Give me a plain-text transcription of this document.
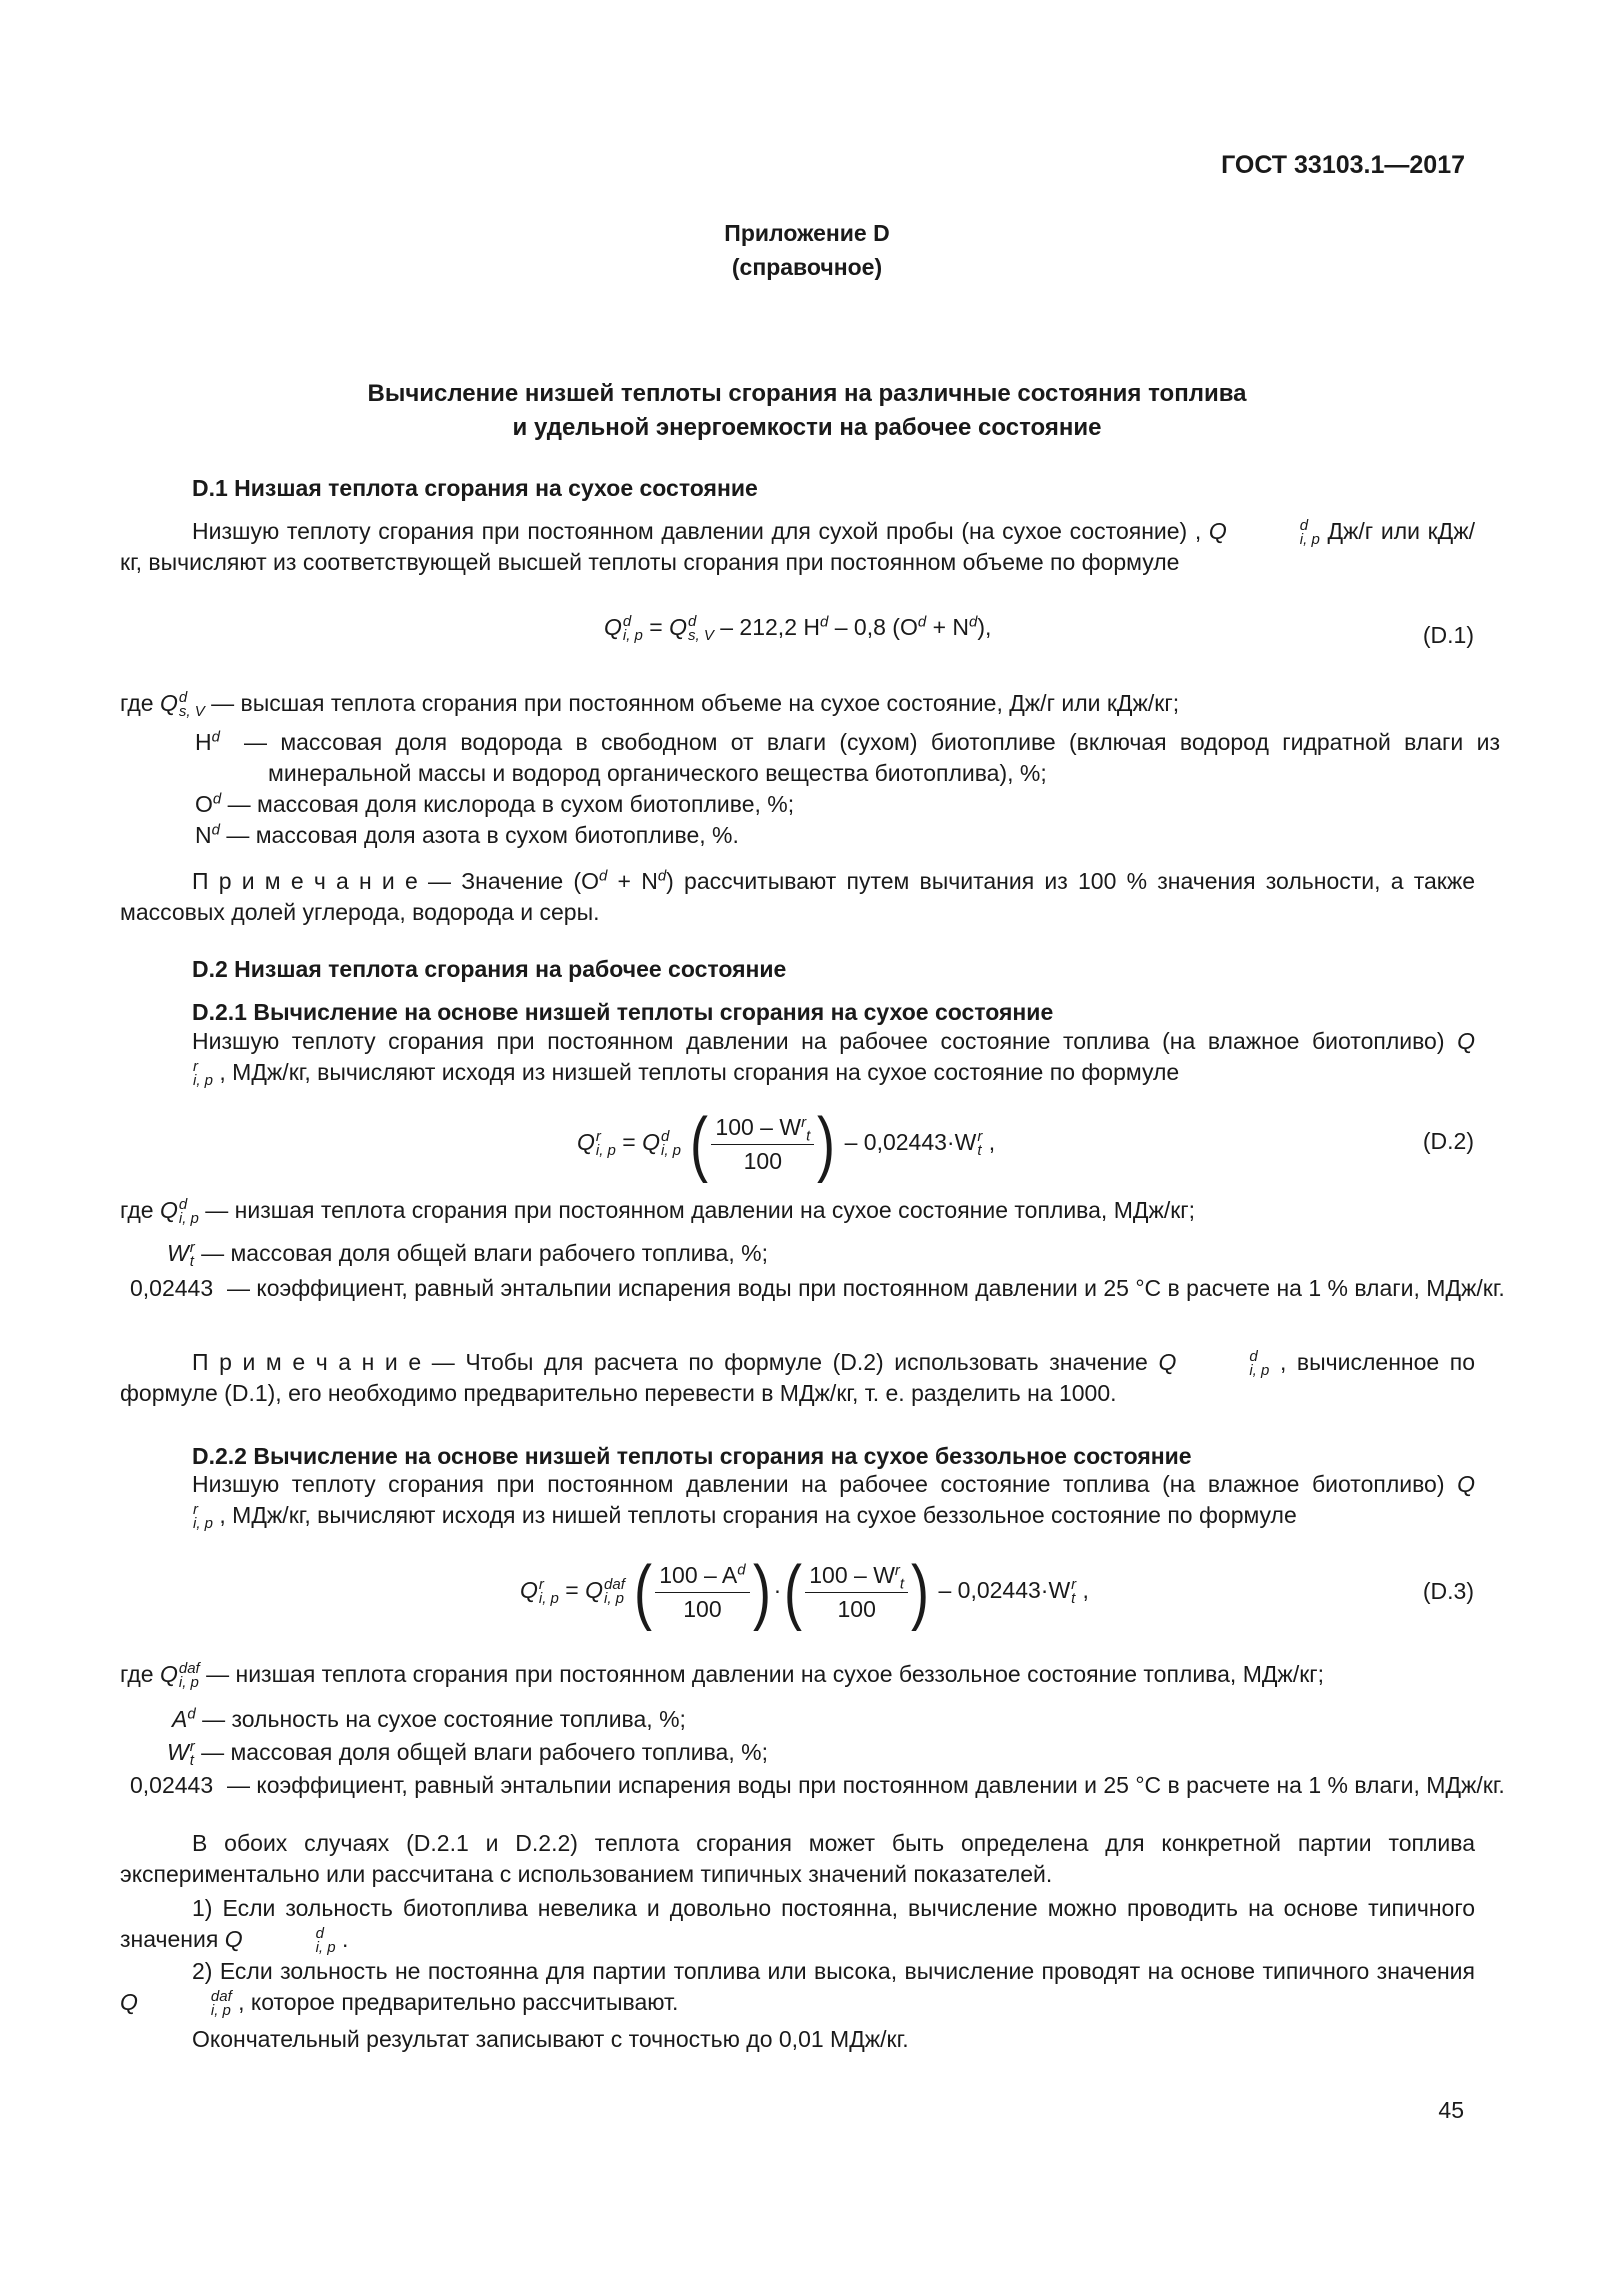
ГОСТ 33103.1—2017
Приложение D
(справочное)
Вычисление низшей теплоты сгорания на различные состояния топлива
и удельной энергоемкости на рабочее состояние
D.1 Низшая теплота сгорания на сухое состояние
Низшую теплоту сгорания при постоянном давлении для сухой пробы (на сухое состояние) , Q	d
i, p Дж/г или кДж/кг, вычисляют из соответствующей высшей теплоты сгорания при постоянном объеме по формуле
Q d
i, p = Q d
s, V – 212,2 $H^d - 0,8$ $(O^d + N^d)$,	(D.1)
где Q d
s, V — высшая теплота сгорания при постоянном объеме на сухое состояние, Дж/г или кДж/кг;
$H^d$ — массовая доля водорода в свободном от влаги (сухом) биотопливе (включая водород гидратной влаги из минеральной массы и водород органического вещества биотоплива), %;
$O^d$ — массовая доля кислорода в сухом биотопливе, %;
$N^d$ — массовая доля азота в сухом биотопливе, %.
П р и м е ч а н и е — Значение $(O^d + N^d)$ рассчитывают путем вычитания из 100 % значения зольности, а также массовых долей углерода, водорода и серы.
D.2 Низшая теплота сгорания на рабочее состояние
D.2.1 Вычисление на основе низшей теплоты сгорания на сухое состояние
Низшую теплоту сгорания при постоянном давлении на рабочее состояние топлива (на влажное биотопливо) Q
r
i, p , МДж/кг, вычисляют исходя из низшей теплоты сгорания на сухое состояние по формуле
Q r
i, p = Q d
i, p ( $\frac{100 - W^r_t}{100}$ ) – 0,02443·W r
t ,	(D.2)
где Q d
i, p — низшая теплота сгорания при постоянном давлении на сухое состояние топлива, МДж/кг;
W r
t — массовая доля общей влаги рабочего топлива, %;
0,02443 — коэффициент, равный энтальпии испарения воды при постоянном давлении и 25 °С в расчете на 1 % влаги, МДж/кг.
П р и м е ч а н и е — Чтобы для расчета по формуле (D.2) использовать значение Q	d
i, p , вычисленное по формуле (D.1), его необходимо предварительно перевести в МДж/кг, т. е. разделить на 1000.
D.2.2 Вычисление на основе низшей теплоты сгорания на сухое беззольное состояние
Низшую теплоту сгорания при постоянном давлении на рабочее состояние топлива (на влажное биотопливо) Q
r
i, p , МДж/кг, вычисляют исходя из нишей теплоты сгорания на сухое беззольное состояние по формуле
Q r
i, p = Q daf
i, p ( $\frac{100 - A^d}{100}$ ) ·( $\frac{100 - W^r_t}{100}$ ) – 0,02443·W r
t ,	(D.3)
где Q daf
i, p — низшая теплота сгорания при постоянном давлении на сухое беззольное состояние топлива, МДж/кг;
$A^d$ — зольность на сухое состояние топлива, %;
W r
t — массовая доля общей влаги рабочего топлива, %;
0,02443 — коэффициент, равный энтальпии испарения воды при постоянном давлении и 25 °С в расчете на 1 % влаги, МДж/кг.
В обоих случаях (D.2.1 и D.2.2) теплота сгорания может быть определена для конкретной партии топлива экспериментально или рассчитана с использованием типичных значений показателей.
1) Если зольность биотоплива невелика и довольно постоянна, вычисление можно проводить на основе типичного значения Q	d
i, p .
2) Если зольность не постоянна для партии топлива или высока, вычисление проводят на основе типичного значения Q	daf
i, p , которое предварительно рассчитывают.
Окончательный результат записывают с точностью до 0,01 МДж/кг.
45
